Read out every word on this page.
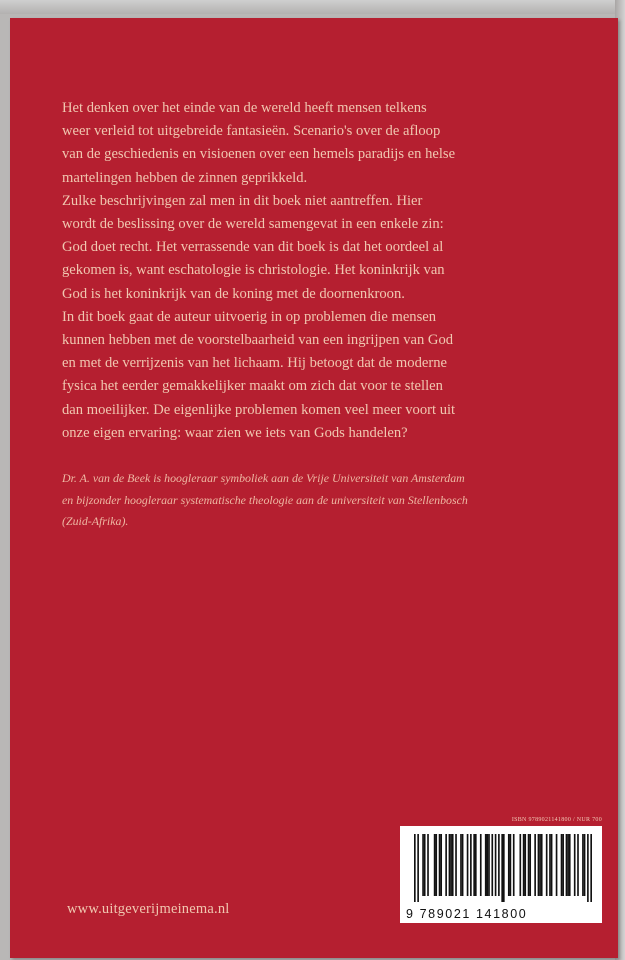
Het denken over het einde van de wereld heeft mensen telkens

weer verleid tot uitgebreide fantasieën. Scenario's over de afloop

van de geschiedenis en visioenen over een hemels paradijs en helse

martelingen hebben de zinnen geprikkeld.

Zulke beschrijvingen zal men in dit boek niet aantreffen. Hier

wordt de beslissing over de wereld samengevat in een enkele zin:

God doet recht. Het verrassende van dit boek is dat het oordeel al

gekomen is, want eschatologie is christologie. Het koninkrijk van

God is het koninkrijk van de koning met de doornenkroon.

In dit boek gaat de auteur uitvoerig in op problemen die mensen

kunnen hebben met de voorstelbaarheid van een ingrijpen van God

en met de verrijzenis van het lichaam. Hij betoogt dat de moderne

fysica het eerder gemakkelijker maakt om zich dat voor te stellen

dan moeilijker. De eigenlijke problemen komen veel meer voort uit

onze eigen ervaring: waar zien we iets van Gods handelen?

Dr. A. van de Beek is hoogleraar symboliek aan de Vrije Universiteit van Amsterdam

en bijzonder hoogleraar systematische theologie aan de universiteit van Stellenbosch

(Zuid-Afrika).

ISBN 9789021141800 / NUR 700
9 789021 141800
www.uitgeverijmeinema.nl
